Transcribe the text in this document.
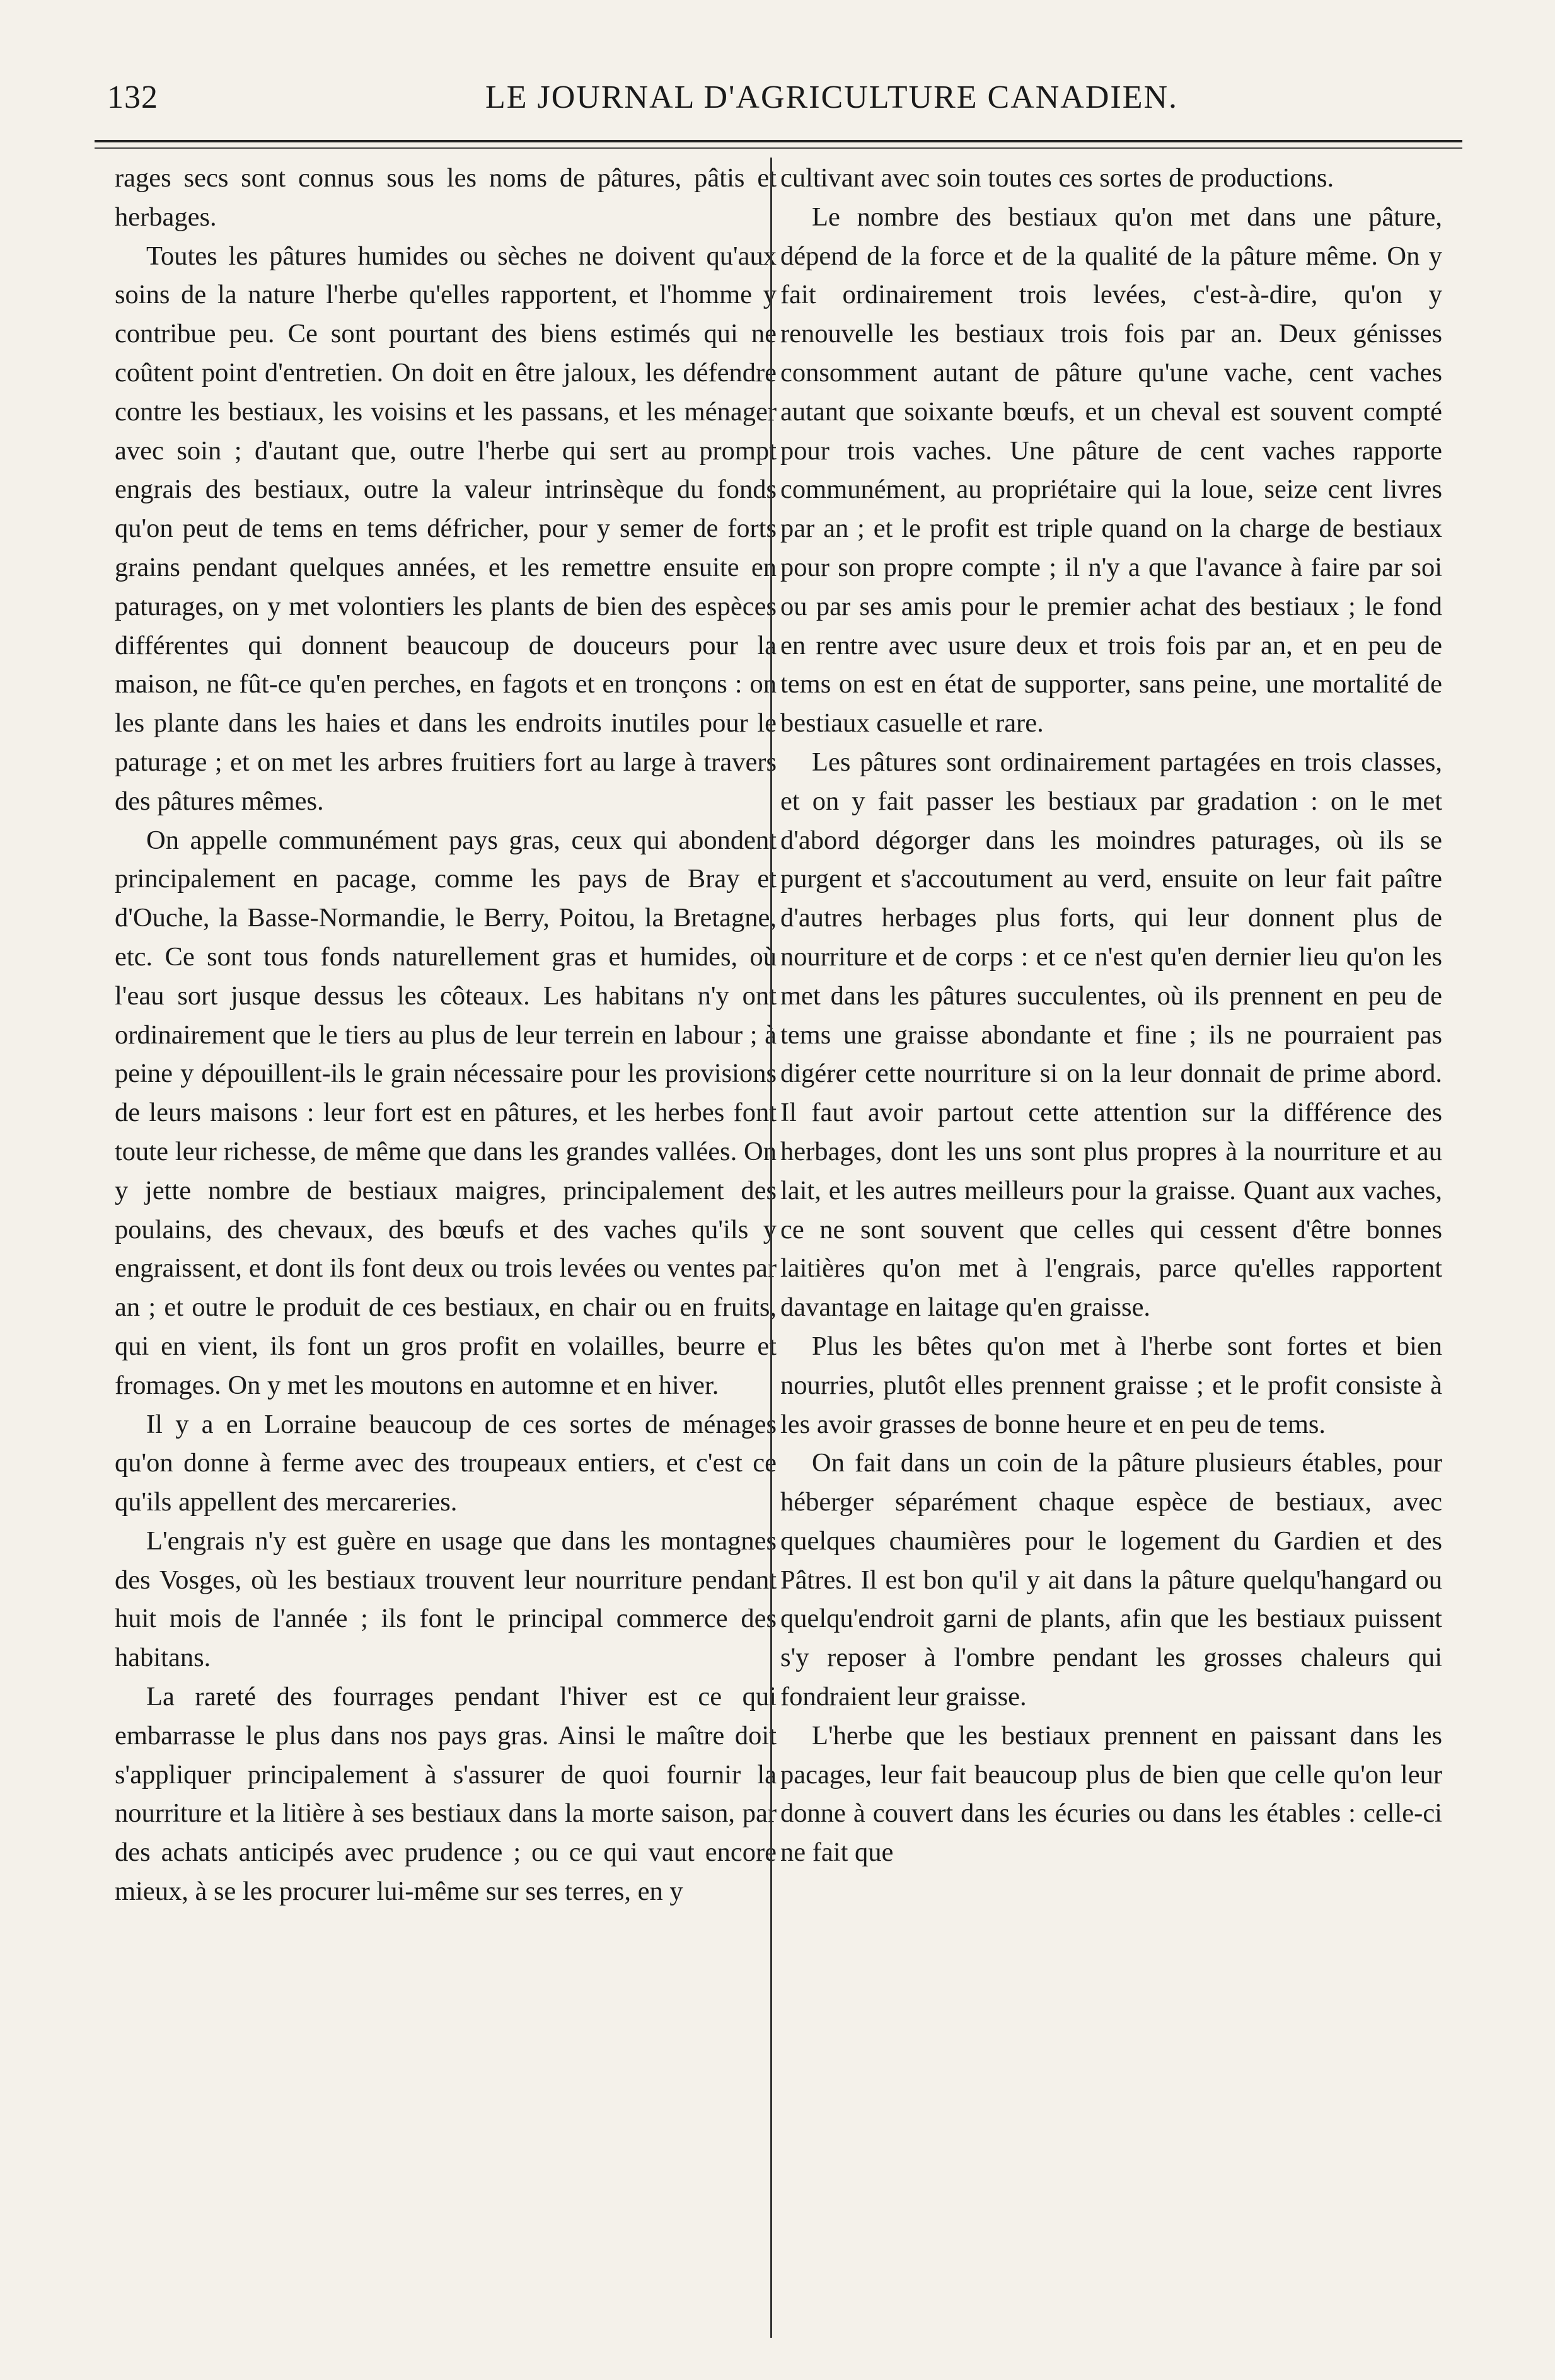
132	LE JOURNAL D'AGRICULTURE CANADIEN.

rages secs sont connus sous les noms de pâtures, pâtis et herbages.

Toutes les pâtures humides ou sèches ne doivent qu'aux soins de la nature l'herbe qu'elles rapportent, et l'homme y contribue peu. Ce sont pourtant des biens estimés qui ne coûtent point d'entretien. On doit en être jaloux, les défendre contre les bestiaux, les voisins et les passans, et les ménager avec soin ; d'autant que, outre l'herbe qui sert au prompt engrais des bestiaux, outre la valeur intrinsèque du fonds qu'on peut de tems en tems défricher, pour y semer de forts grains pendant quelques années, et les remettre ensuite en paturages, on y met volontiers les plants de bien des espèces différentes qui donnent beaucoup de douceurs pour la maison, ne fût-ce qu'en perches, en fagots et en tronçons : on les plante dans les haies et dans les endroits inutiles pour le paturage ; et on met les arbres fruitiers fort au large à travers des pâtures mêmes.

On appelle communément pays gras, ceux qui abondent principalement en pacage, comme les pays de Bray et d'Ouche, la Basse-Normandie, le Berry, Poitou, la Bretagne, etc. Ce sont tous fonds naturellement gras et humides, où l'eau sort jusque dessus les côteaux. Les habitans n'y ont ordinairement que le tiers au plus de leur terrein en labour ; à peine y dépouillent-ils le grain nécessaire pour les provisions de leurs maisons : leur fort est en pâtures, et les herbes font toute leur richesse, de même que dans les grandes vallées. On y jette nombre de bestiaux maigres, principalement des poulains, des chevaux, des bœufs et des vaches qu'ils y engraissent, et dont ils font deux ou trois levées ou ventes par an ; et outre le produit de ces bestiaux, en chair ou en fruits, qui en vient, ils font un gros profit en volailles, beurre et fromages. On y met les moutons en automne et en hiver.

Il y a en Lorraine beaucoup de ces sortes de ménages qu'on donne à ferme avec des troupeaux entiers, et c'est ce qu'ils appellent des mercareries.

L'engrais n'y est guère en usage que dans les montagnes des Vosges, où les bestiaux trouvent leur nourriture pendant huit mois de l'année ; ils font le principal commerce des habitans.

La rareté des fourrages pendant l'hiver est ce qui embarrasse le plus dans nos pays gras. Ainsi le maître doit s'appliquer principalement à s'assurer de quoi fournir la nourriture et la litière à ses bestiaux dans la morte saison, par des achats anticipés avec prudence ; ou ce qui vaut encore mieux, à se les procurer lui-même sur ses terres, en y

cultivant avec soin toutes ces sortes de productions.

Le nombre des bestiaux qu'on met dans une pâture, dépend de la force et de la qualité de la pâture même. On y fait ordinairement trois levées, c'est-à-dire, qu'on y renouvelle les bestiaux trois fois par an. Deux génisses consomment autant de pâture qu'une vache, cent vaches autant que soixante bœufs, et un cheval est souvent compté pour trois vaches. Une pâture de cent vaches rapporte communément, au propriétaire qui la loue, seize cent livres par an ; et le profit est triple quand on la charge de bestiaux pour son propre compte ; il n'y a que l'avance à faire par soi ou par ses amis pour le premier achat des bestiaux ; le fond en rentre avec usure deux et trois fois par an, et en peu de tems on est en état de supporter, sans peine, une mortalité de bestiaux casuelle et rare.

Les pâtures sont ordinairement partagées en trois classes, et on y fait passer les bestiaux par gradation : on le met d'abord dégorger dans les moindres paturages, où ils se purgent et s'accoutument au verd, ensuite on leur fait paître d'autres herbages plus forts, qui leur donnent plus de nourriture et de corps : et ce n'est qu'en dernier lieu qu'on les met dans les pâtures succulentes, où ils prennent en peu de tems une graisse abondante et fine ; ils ne pourraient pas digérer cette nourriture si on la leur donnait de prime abord. Il faut avoir partout cette attention sur la différence des herbages, dont les uns sont plus propres à la nourriture et au lait, et les autres meilleurs pour la graisse. Quant aux vaches, ce ne sont souvent que celles qui cessent d'être bonnes laitières qu'on met à l'engrais, parce qu'elles rapportent davantage en laitage qu'en graisse.

Plus les bêtes qu'on met à l'herbe sont fortes et bien nourries, plutôt elles prennent graisse ; et le profit consiste à les avoir grasses de bonne heure et en peu de tems.

On fait dans un coin de la pâture plusieurs étables, pour héberger séparément chaque espèce de bestiaux, avec quelques chaumières pour le logement du Gardien et des Pâtres. Il est bon qu'il y ait dans la pâture quelqu'hangard ou quelqu'endroit garni de plants, afin que les bestiaux puissent s'y reposer à l'ombre pendant les grosses chaleurs qui fondraient leur graisse.

L'herbe que les bestiaux prennent en paissant dans les pacages, leur fait beaucoup plus de bien que celle qu'on leur donne à couvert dans les écuries ou dans les étables : celle-ci ne fait que
